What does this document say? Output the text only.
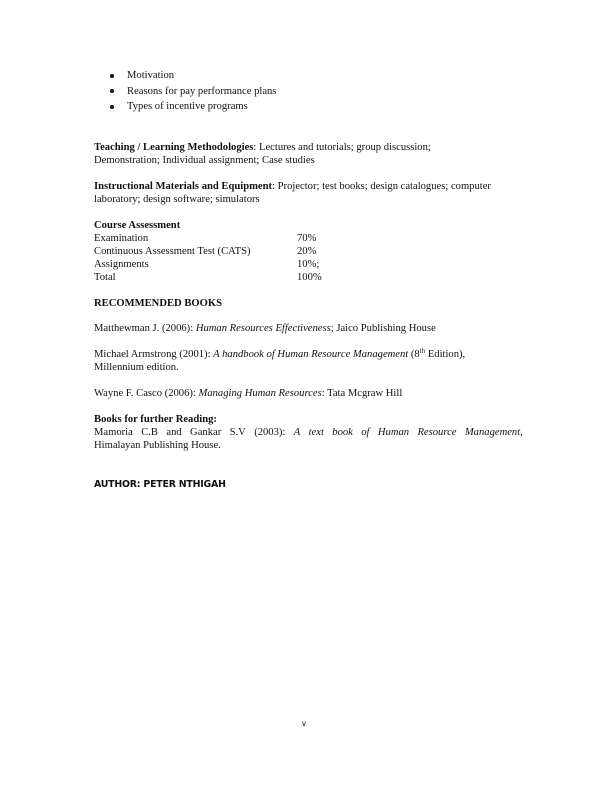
Motivation
Reasons for pay performance plans
Types of incentive programs
Teaching / Learning Methodologies: Lectures and tutorials; group discussion;
Demonstration; Individual assignment; Case studies
Instructional Materials and Equipment: Projector; test books; design catalogues; computer
laboratory; design software; simulators
Course Assessment
Examination	70%
Continuous Assessment Test (CATS)	20%
Assignments	10%;
Total	100%
RECOMMENDED BOOKS
Matthewman J. (2006): Human Resources Effectiveness; Jaico Publishing House
Michael Armstrong (2001): A handbook of Human Resource Management (8th Edition),
Millennium edition.
Wayne F. Casco (2006): Managing Human Resources: Tata Mcgraw Hill
Books for further Reading:
Mamoria C.B and Gankar S.V (2003): A text book of Human Resource Management,
Himalayan Publishing House.
AUTHOR: PETER NTHIGAH
v
